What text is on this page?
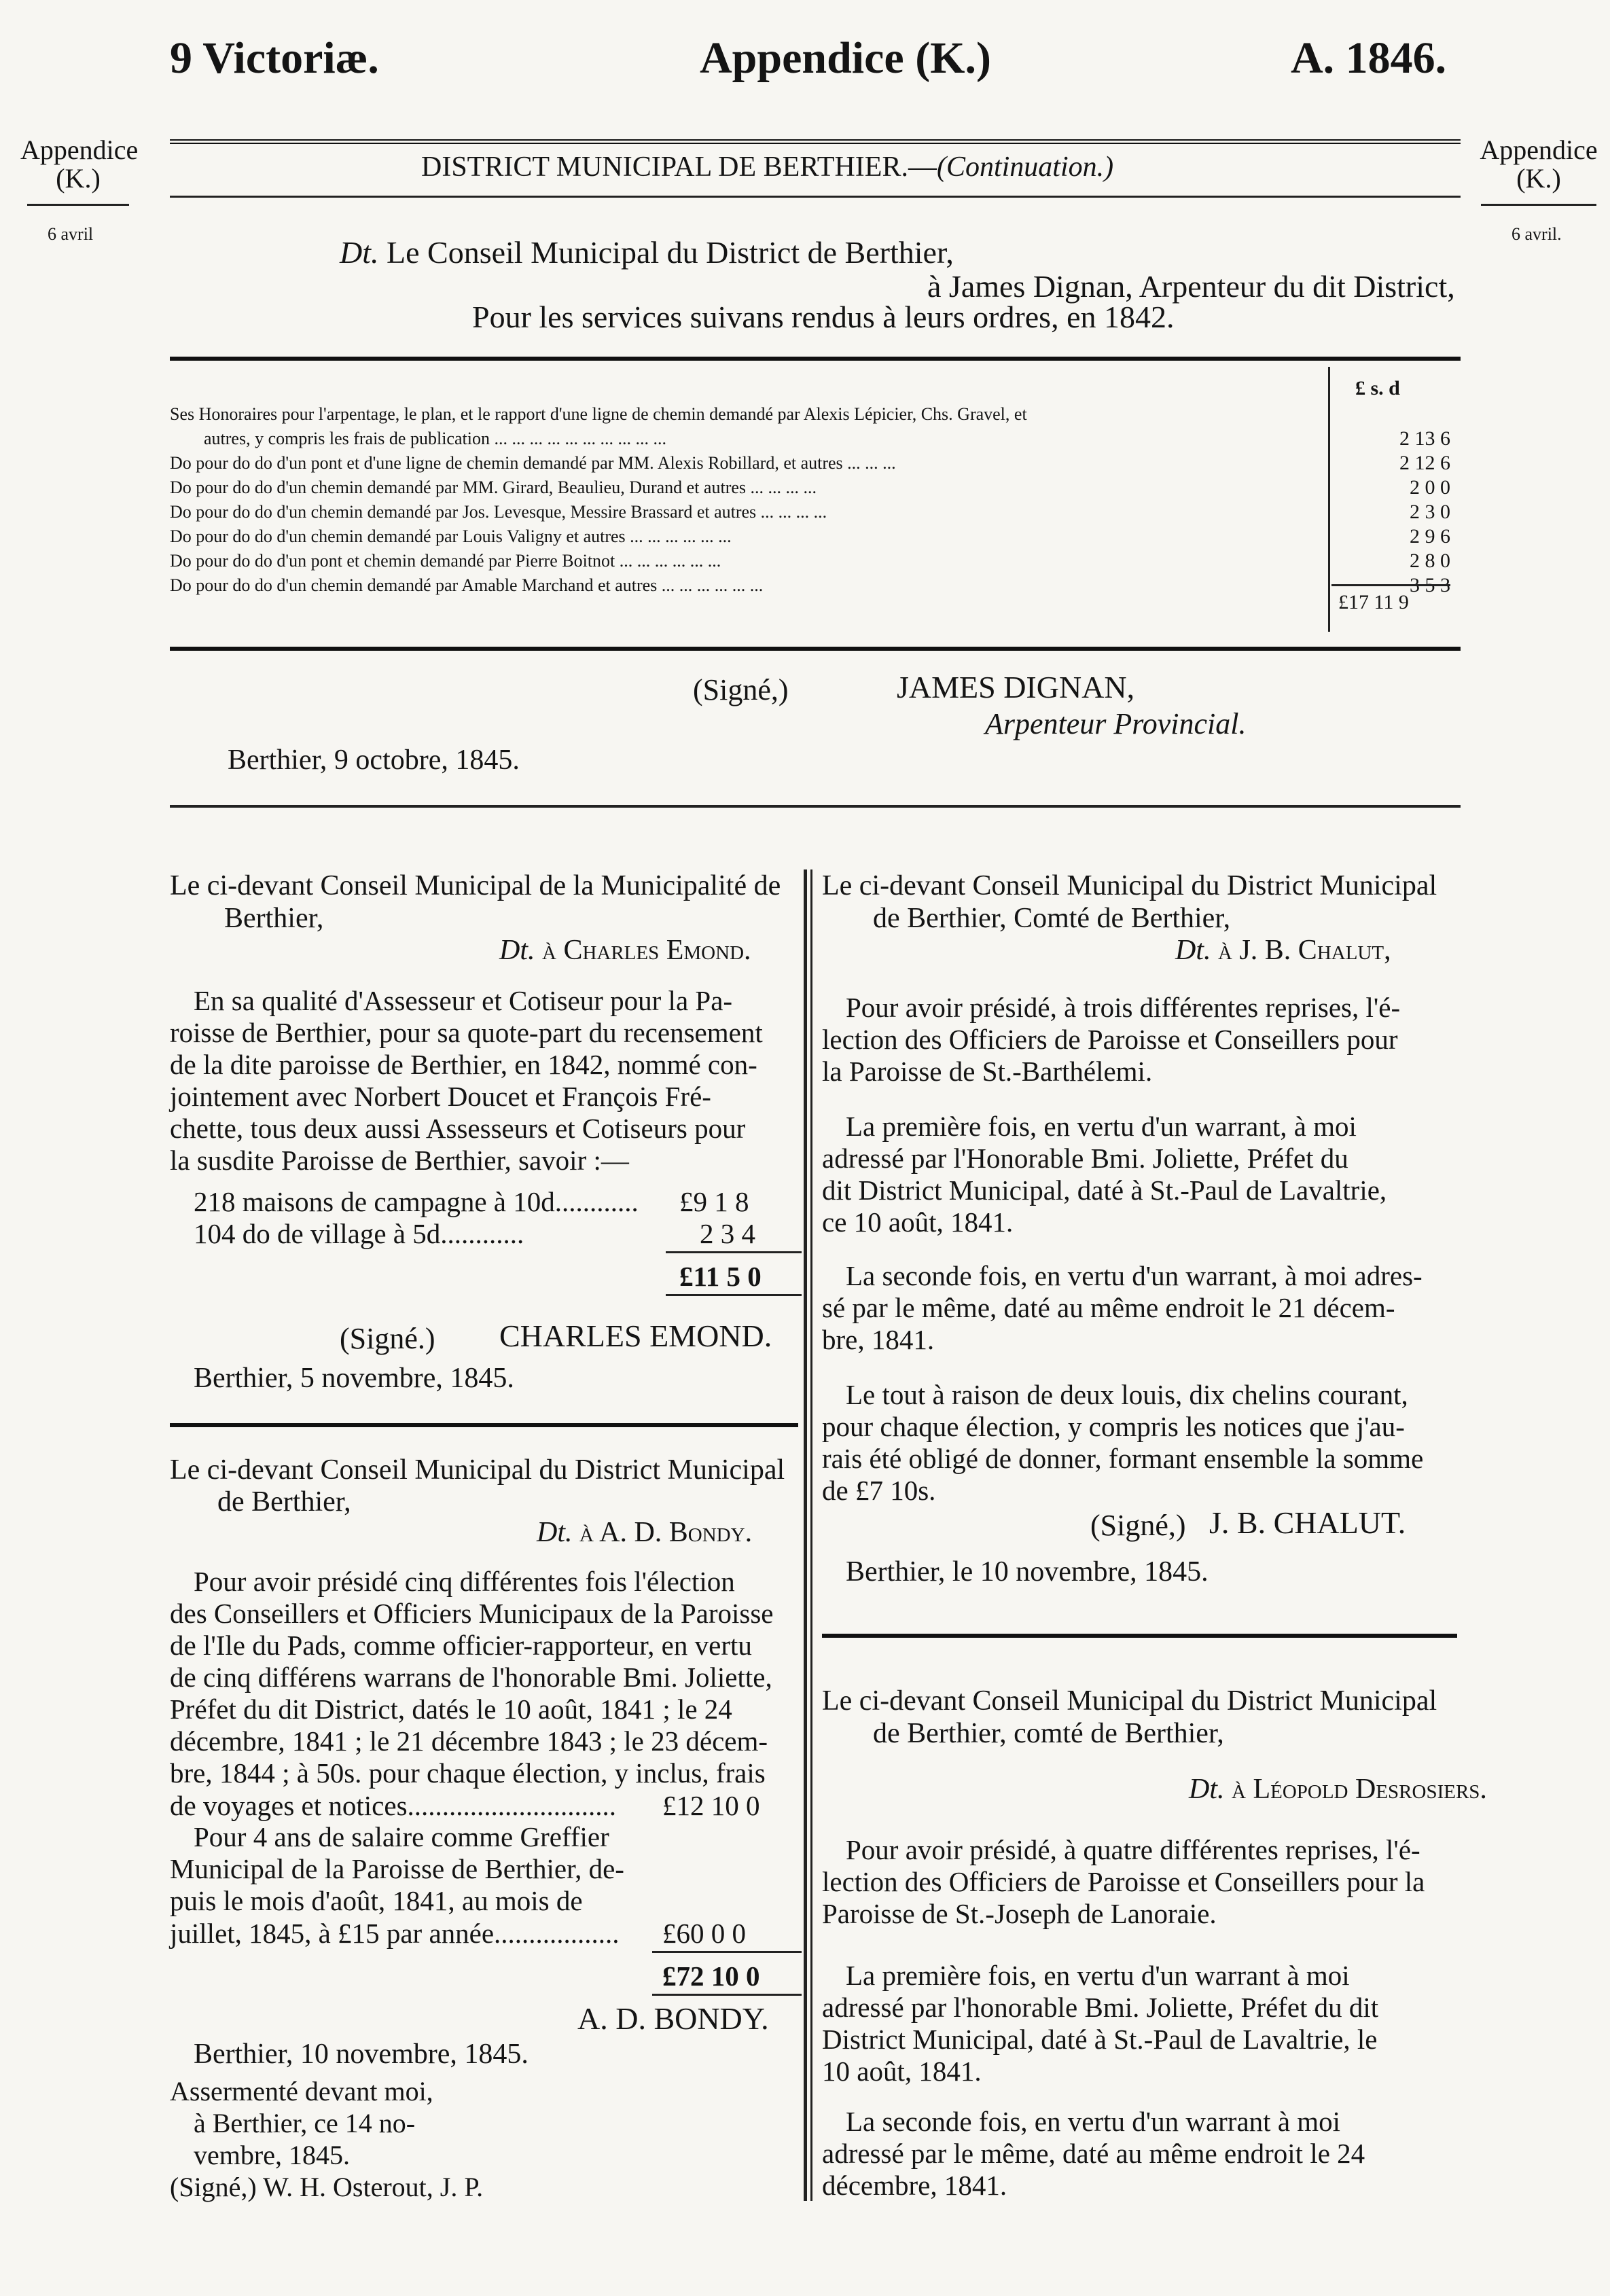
9 Victoriæ.	Appendice (K.)	A. 1846.
Appendice
(K.)
6 avril
Appendice
(K.)
6 avril.
DISTRICT MUNICIPAL DE BERTHIER.—(Continuation.)
Dt. Le Conseil Municipal du District de Berthier,
à James Dignan, Arpenteur du dit District,
Pour les services suivans rendus à leurs ordres, en 1842.
£ s. d
Ses Honoraires pour l'arpentage, le plan, et le rapport d'une ligne de chemin demandé par Alexis Lépicier, Chs. Gravel, et
autres, y compris les frais de publication ... ... ... ... ... ... ... ... ... ...	2 13 6
Do pour do do d'un pont et d'une ligne de chemin demandé par MM. Alexis Robillard, et autres ... ... ...	2 12 6
Do pour do do d'un chemin demandé par MM. Girard, Beaulieu, Durand et autres ... ... ... ...	2 0 0
Do pour do do d'un chemin demandé par Jos. Levesque, Messire Brassard et autres ... ... ... ...	2 3 0
Do pour do do d'un chemin demandé par Louis Valigny et autres ... ... ... ... ... ...	2 9 6
Do pour do do d'un pont et chemin demandé par Pierre Boitnot ... ... ... ... ... ...	2 8 0
Do pour do do d'un chemin demandé par Amable Marchand et autres ... ... ... ... ... ...	3 5 3
£17 11 9
(Signé,)	JAMES DIGNAN,
Arpenteur Provincial.
Berthier, 9 octobre, 1845.
Le ci-devant Conseil Municipal de la Municipalité de
Berthier,
Dt. à Charles Emond.
En sa qualité d'Assesseur et Cotiseur pour la Pa-
roisse de Berthier, pour sa quote-part du recensement
de la dite paroisse de Berthier, en 1842, nommé con-
jointement avec Norbert Doucet et François Fré-
chette, tous deux aussi Assesseurs et Cotiseurs pour
la susdite Paroisse de Berthier, savoir :—
218 maisons de campagne à 10d............ £9 1 8
104 do de village à 5d............	2 3 4
£11 5 0
(Signé.) CHARLES EMOND.
Berthier, 5 novembre, 1845.
Le ci-devant Conseil Municipal du District Municipal
de Berthier,
Dt. à A. D. Bondy.
Pour avoir présidé cinq différentes fois l'élection
des Conseillers et Officiers Municipaux de la Paroisse
de l'Ile du Pads, comme officier-rapporteur, en vertu
de cinq différens warrans de l'honorable Bmi. Joliette,
Préfet du dit District, datés le 10 août, 1841 ; le 24
décembre, 1841 ; le 21 décembre 1843 ; le 23 décem-
bre, 1844 ; à 50s. pour chaque élection, y inclus, frais
de voyages et notices.............................. £12 10 0
Pour 4 ans de salaire comme Greffier
Municipal de la Paroisse de Berthier, de-
puis le mois d'août, 1841, au mois de
juillet, 1845, à £15 par année.................. £60 0 0
£72 10 0
A. D. BONDY.
Berthier, 10 novembre, 1845.
Assermenté devant moi,
à Berthier, ce 14 no-
vembre, 1845.
(Signé,) W. H. Osterout, J. P.
Le ci-devant Conseil Municipal du District Municipal
de Berthier, Comté de Berthier,
Dt. à J. B. Chalut,
Pour avoir présidé, à trois différentes reprises, l'é-
lection des Officiers de Paroisse et Conseillers pour
la Paroisse de St.-Barthélemi.
La première fois, en vertu d'un warrant, à moi
adressé par l'Honorable Bmi. Joliette, Préfet du
dit District Municipal, daté à St.-Paul de Lavaltrie,
ce 10 août, 1841.
La seconde fois, en vertu d'un warrant, à moi adres-
sé par le même, daté au même endroit le 21 décem-
bre, 1841.
Le tout à raison de deux louis, dix chelins courant,
pour chaque élection, y compris les notices que j'au-
rais été obligé de donner, formant ensemble la somme
de £7 10s.
(Signé,) J. B. CHALUT.
Berthier, le 10 novembre, 1845.
Le ci-devant Conseil Municipal du District Municipal
de Berthier, comté de Berthier,
Dt. à Léopold Desrosiers.
Pour avoir présidé, à quatre différentes reprises, l'é-
lection des Officiers de Paroisse et Conseillers pour la
Paroisse de St.-Joseph de Lanoraie.
La première fois, en vertu d'un warrant à moi
adressé par l'honorable Bmi. Joliette, Préfet du dit
District Municipal, daté à St.-Paul de Lavaltrie, le
10 août, 1841.
La seconde fois, en vertu d'un warrant à moi
adressé par le même, daté au même endroit le 24
décembre, 1841.
